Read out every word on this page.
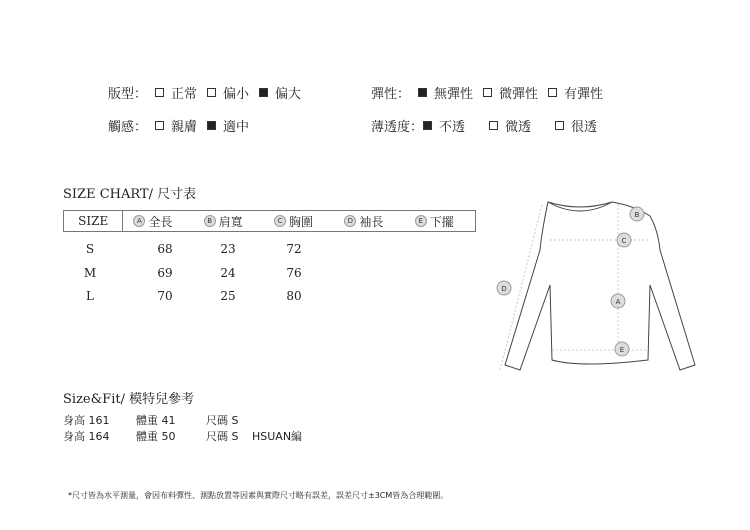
版型： 正常 偏小 偏大	彈性： 無彈性 微彈性 有彈性
觸感： 親膚 適中	薄透度： 不透	微透	很透
SIZE CHART/ 尺寸表
SIZE	A 全長	B 肩寬	C 胸圍	D 袖長	E 下擺
S	68	23	72
M	69	24	76
L	70	25	80
B
C
D
A
E
Size&Fit/ 模特兒參考
身高 161 體重 41	尺碼 S
身高 164 體重 50	尺碼 S HSUAN編
*尺寸皆為水平測量，會因布料彈性、測點放置等因素與實際尺寸略有誤差，誤差尺寸±3CM皆為合理範圍。
